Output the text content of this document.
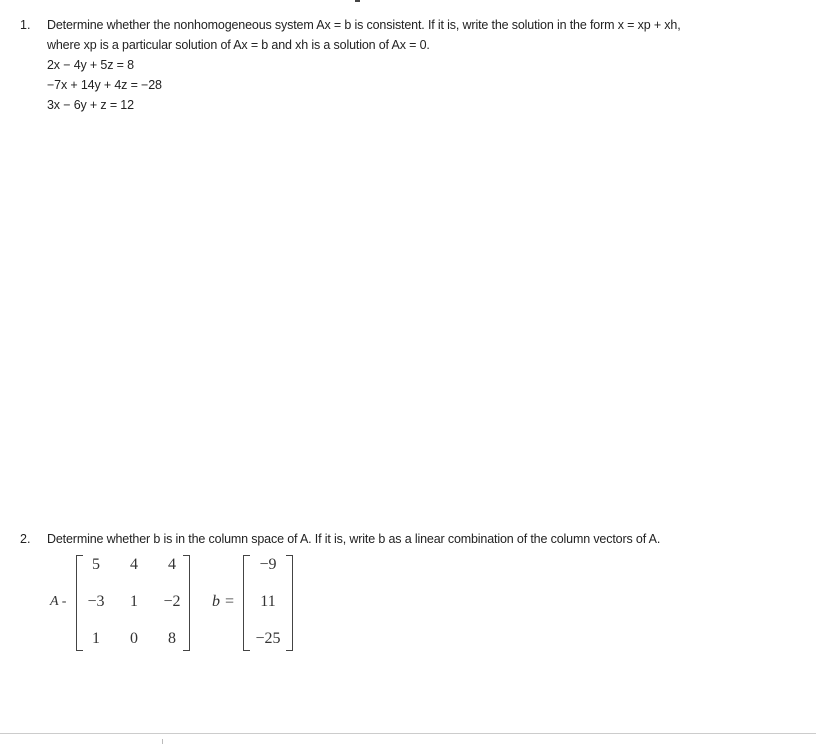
1. Determine whether the nonhomogeneous system Ax = b is consistent. If it is, write the solution in the form x = xp + xh,
where xp is a particular solution of Ax = b and xh is a solution of Ax = 0.
2x − 4y + 5z = 8
−7x + 14y + 4z = −28
3x − 6y + z = 12
2. Determine whether b is in the column space of A. If it is, write b as a linear combination of the column vectors of A.
A -
5	4	4
−3	1	−2
1	0	8
b =
−9
11
−25
